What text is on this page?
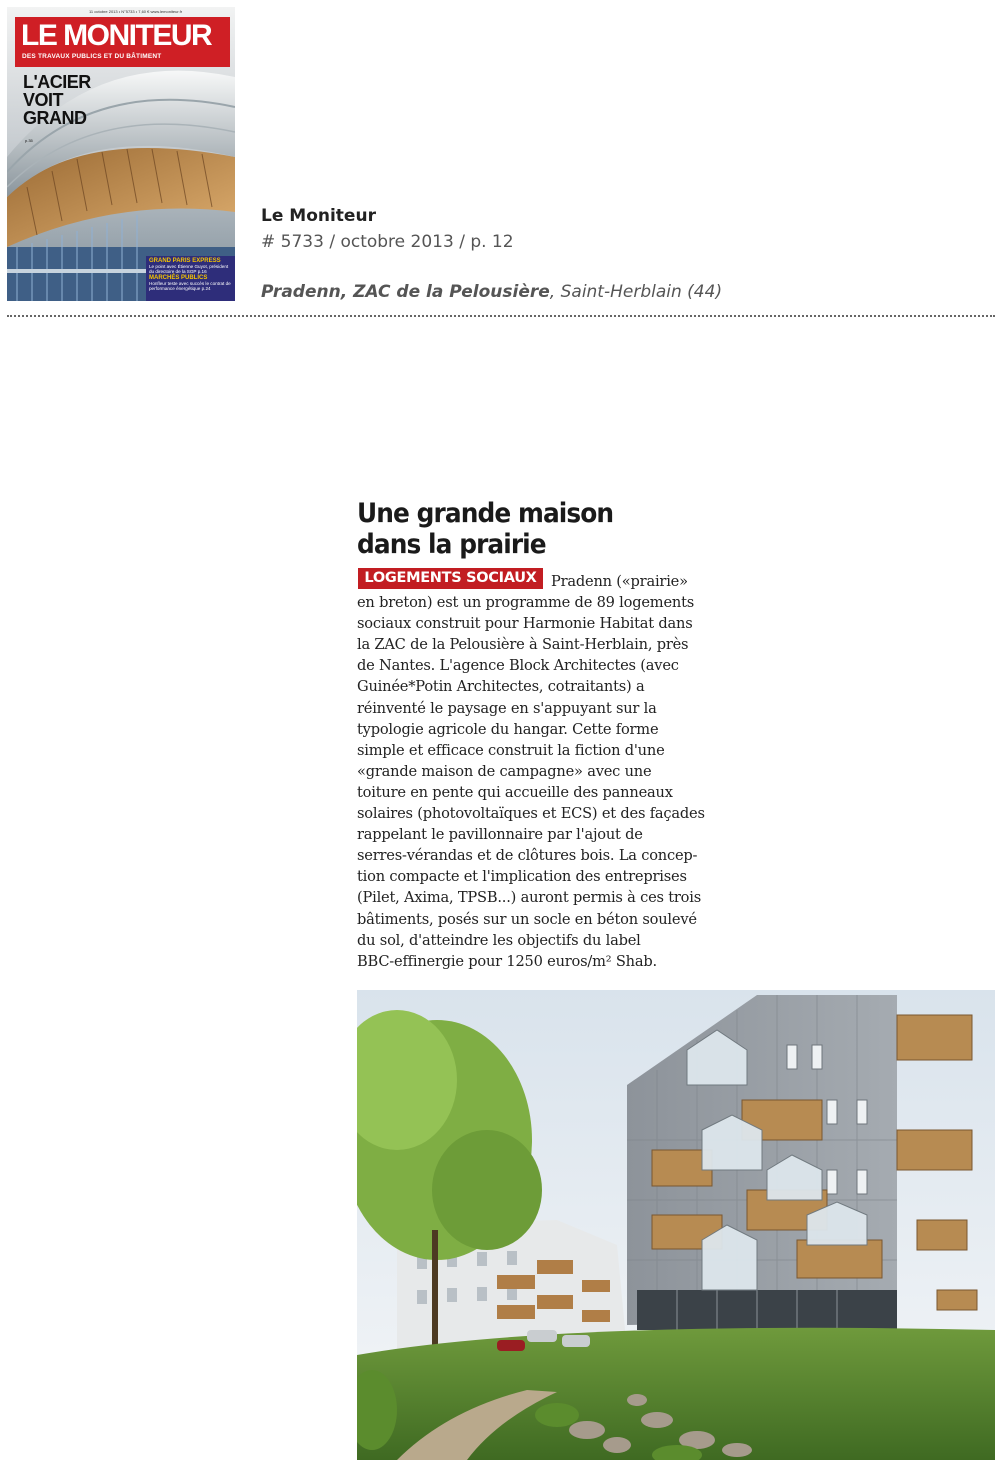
LE MONITEUR
DES TRAVAUX PUBLICS ET DU BÂTIMENT
11 octobre 2013 • N°5733 • 7,60 € www.lemoniteur.fr
L'ACIER
VOIT
GRAND
p.35
GRAND PARIS EXPRESS
Le point avec Étienne Guyot, président du directoire de la SGP p.16
MARCHÉS PUBLICS
Honfleur teste avec succès le contrat de performance énergétique p.24
Le Moniteur
# 5733 / octobre 2013 / p. 12
Pradenn, ZAC de la Pelousière, Saint-Herblain (44)
Une grande maison
dans la prairie
LOGEMENTS SOCIAUX Pradenn («prairie»
en breton) est un programme de 89 logements
sociaux construit pour Harmonie Habitat dans
la ZAC de la Pelousière à Saint-Herblain, près
de Nantes. L'agence Block Architectes (avec
Guinée*Potin Architectes, cotraitants) a
réinventé le paysage en s'appuyant sur la
typologie agricole du hangar. Cette forme
simple et efficace construit la fiction d'une
«grande maison de campagne» avec une
toiture en pente qui accueille des panneaux
solaires (photovoltaïques et ECS) et des façades
rappelant le pavillonnaire par l'ajout de
serres-vérandas et de clôtures bois. La concep-
tion compacte et l'implication des entreprises
(Pilet, Axima, TPSB...) auront permis à ces trois
bâtiments, posés sur un socle en béton soulevé
du sol, d'atteindre les objectifs du label
BBC-effinergie pour 1250 euros/m² Shab.
